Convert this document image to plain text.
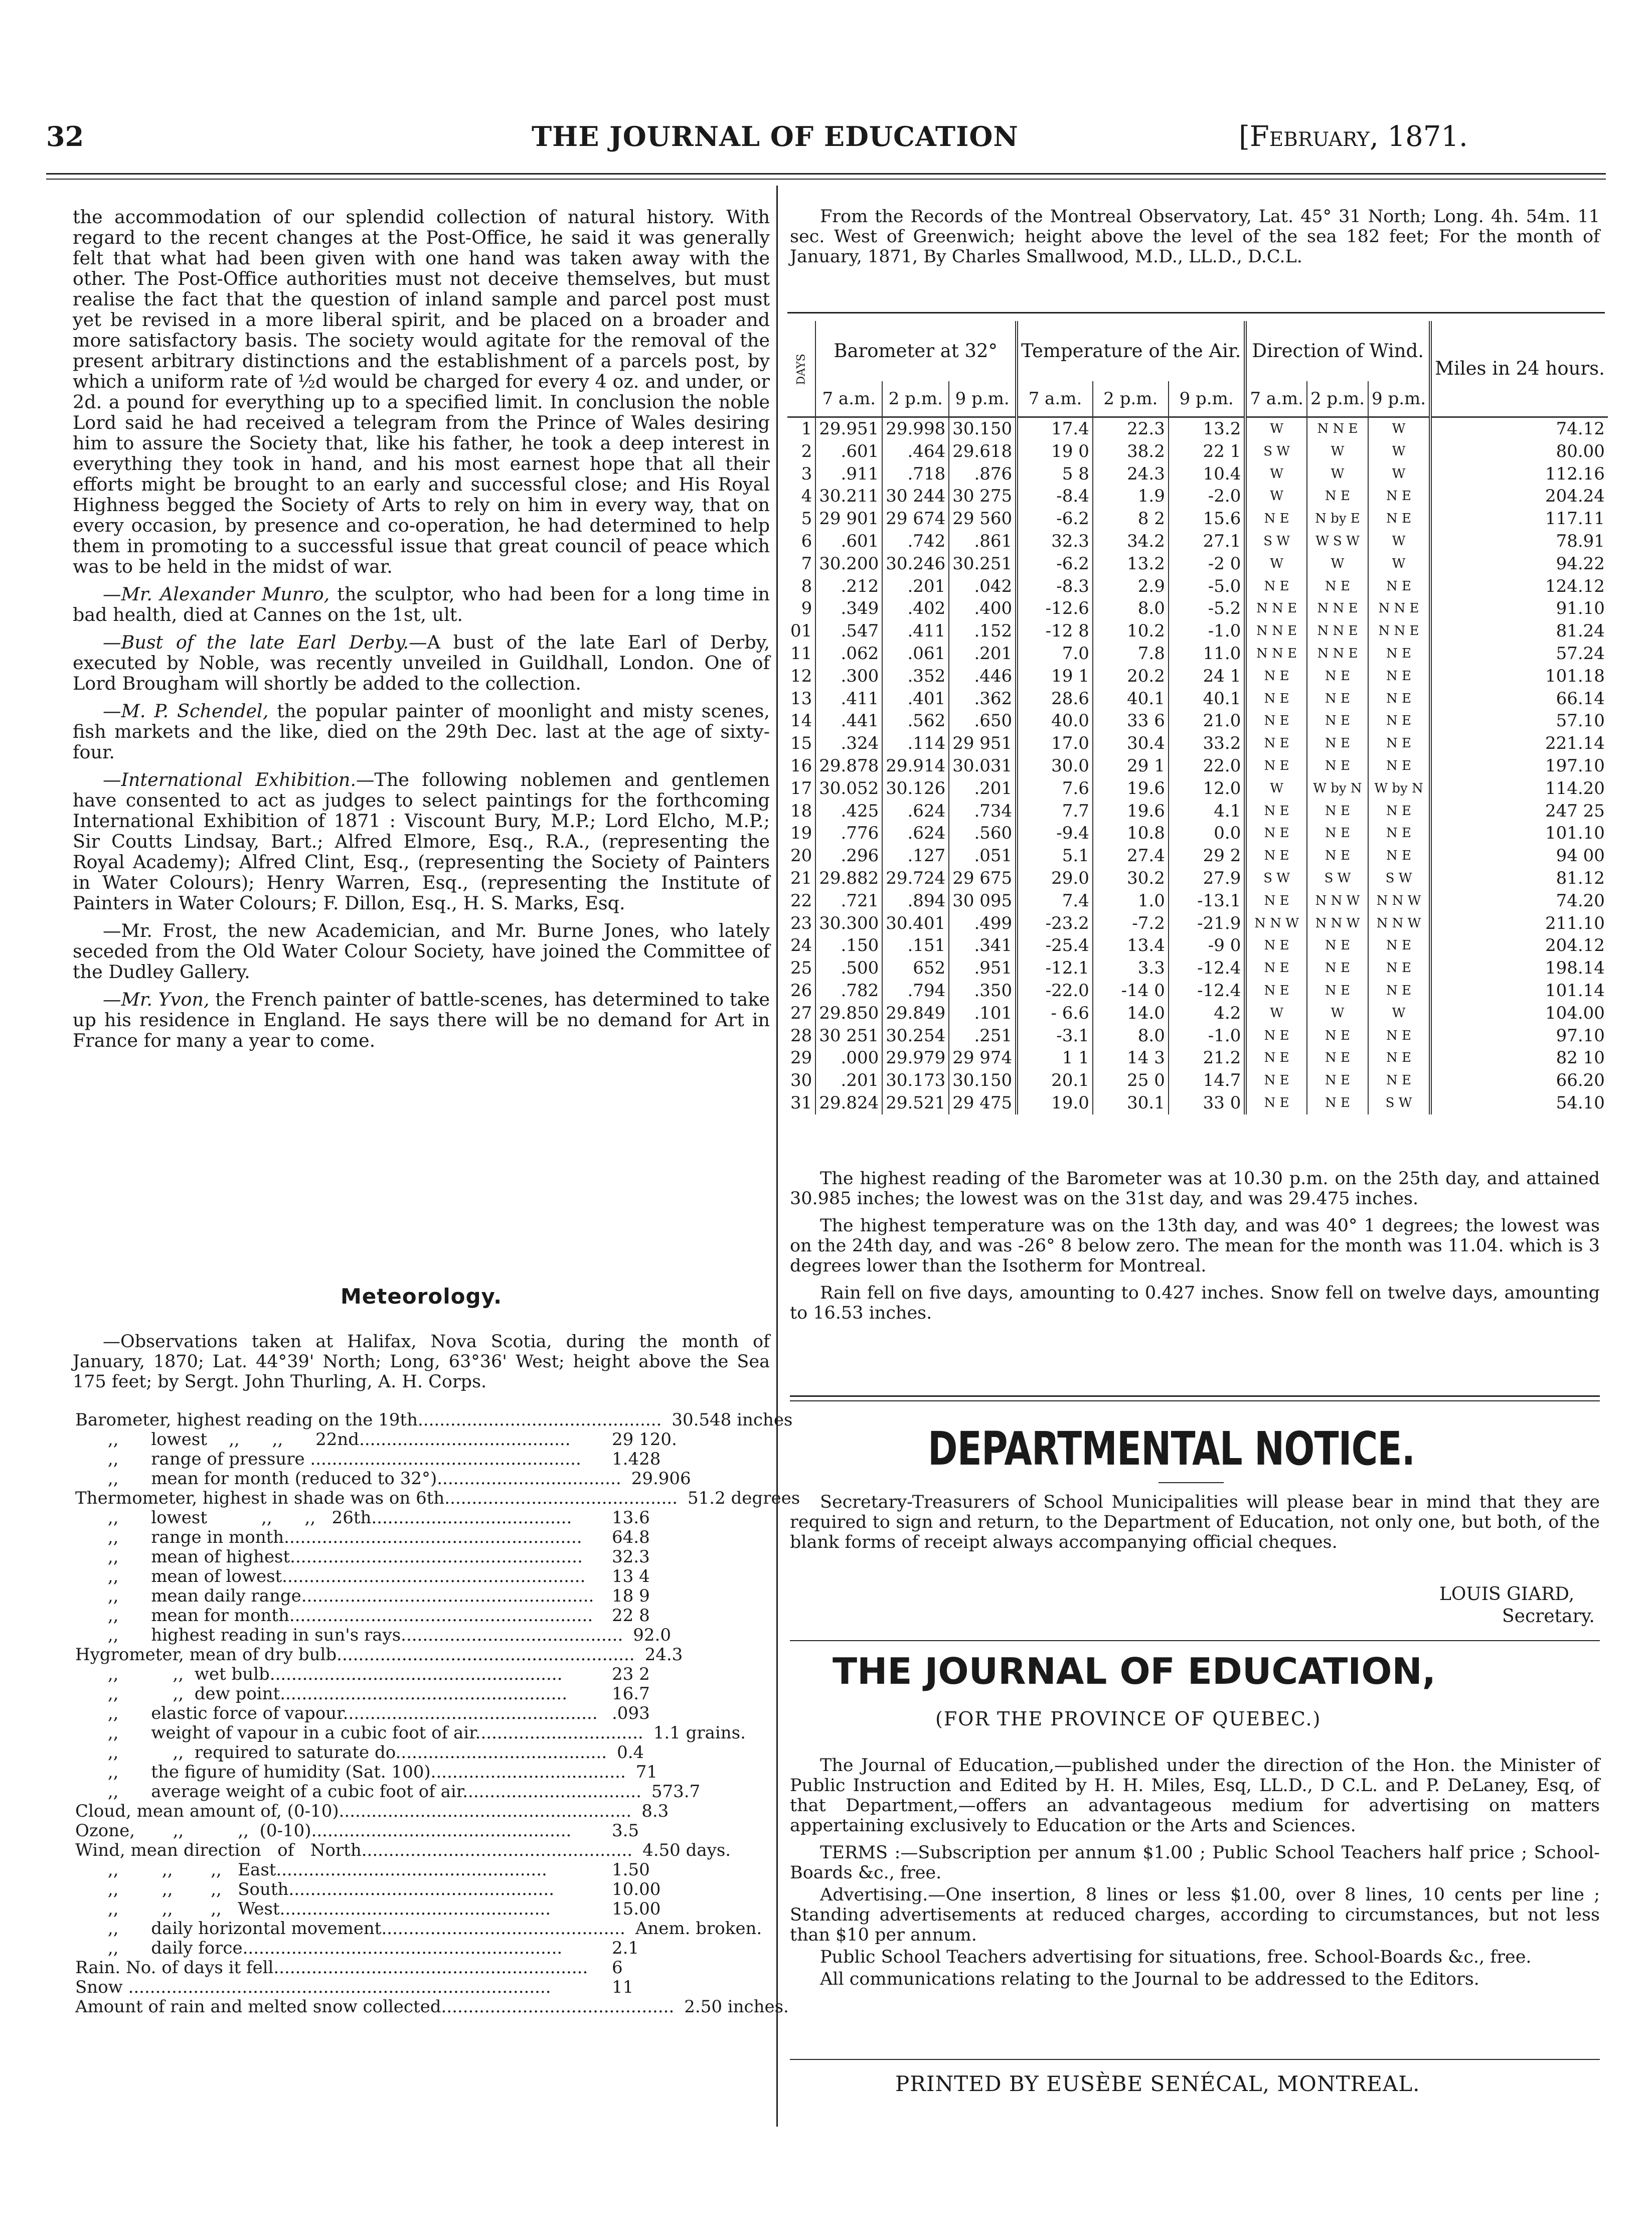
32	THE JOURNAL OF EDUCATION	[February, 1871.

the accommodation of our splendid collection of natural history. With regard to the recent changes at the Post-Office, he said it was generally felt that what had been given with one hand was taken away with the other. The Post-Office authorities must not deceive themselves, but must realise the fact that the question of inland sample and parcel post must yet be revised in a more liberal spirit, and be placed on a broader and more satisfactory basis. The society would agitate for the removal of the present arbitrary distinctions and the establishment of a parcels post, by which a uniform rate of ½d would be charged for every 4 oz. and under, or 2d. a pound for everything up to a specified limit. In conclusion the noble Lord said he had received a telegram from the Prince of Wales desiring him to assure the Society that, like his father, he took a deep interest in everything they took in hand, and his most earnest hope that all their efforts might be brought to an early and successful close; and His Royal Highness begged the Society of Arts to rely on him in every way, that on every occasion, by presence and co-operation, he had determined to help them in promoting to a successful issue that great council of peace which was to be held in the midst of war.

—Mr. Alexander Munro, the sculptor, who had been for a long time in bad health, died at Cannes on the 1st, ult.

—Bust of the late Earl Derby.—A bust of the late Earl of Derby, executed by Noble, was recently unveiled in Guildhall, London. One of Lord Brougham will shortly be added to the collection.

—M. P. Schendel, the popular painter of moonlight and misty scenes, fish markets and the like, died on the 29th Dec. last at the age of sixty-four.

—International Exhibition.—The following noblemen and gentlemen have consented to act as judges to select paintings for the forthcoming International Exhibition of 1871 : Viscount Bury, M.P.; Lord Elcho, M.P.; Sir Coutts Lindsay, Bart.; Alfred Elmore, Esq., R.A., (representing the Royal Academy); Alfred Clint, Esq., (representing the Society of Painters in Water Colours); Henry Warren, Esq., (representing the Institute of Painters in Water Colours; F. Dillon, Esq., H. S. Marks, Esq.

—Mr. Frost, the new Academician, and Mr. Burne Jones, who lately seceded from the Old Water Colour Society, have joined the Committee of the Dudley Gallery.

—Mr. Yvon, the French painter of battle-scenes, has determined to take up his residence in England. He says there will be no demand for Art in France for many a year to come.

Meteorology.

—Observations taken at Halifax, Nova Scotia, during the month of January, 1870; Lat. 44°39' North; Long, 63°36' West; height above the Sea 175 feet; by Sergt. John Thurling, A. H. Corps.

Barometer, highest reading on the 19th............................................. 30.548 inches
,,      lowest    ,,      ,,      22nd.......................................	29 120.
,,      range of pressure ..................................................	1.428
,,      mean for month (reduced to 32°).................................. 29.906
Thermometer, highest in shade was on 6th........................................... 51.2 degrees
,,      lowest          ,,      ,,   26th.....................................	13.6
,,      range in month.......................................................	64.8
,,      mean of highest......................................................	32.3
,,      mean of lowest........................................................	13 4
,,      mean daily range......................................................	18 9
,,      mean for month........................................................	22 8
,,      highest reading in sun's rays......................................... 92.0
Hygrometer, mean of dry bulb....................................................... 24.3
,,          ,,  wet bulb......................................................	23 2
,,          ,,  dew point.....................................................	16.7
,,      elastic force of vapour............................................... .093
,,      weight of vapour in a cubic foot of air............................... 1.1 grains.
,,          ,,  required to saturate do....................................... 0.4
,,      the figure of humidity (Sat. 100).................................... 71
,,      average weight of a cubic foot of air................................. 573.7
Cloud, mean amount of, (0-10)...................................................... 8.3
Ozone,       ,,          ,,  (0-10)................................................	3.5
Wind, mean direction   of   North.................................................. 4.50 days.
,,        ,,       ,,   East..................................................	1.50
,,        ,,       ,,   South.................................................	10.00
,,        ,,       ,,   West..................................................	15.00
,,      daily horizontal movement............................................. Anem. broken.
,,      daily force...........................................................	2.1
Rain. No. of days it fell..........................................................	6
Snow ..............................................................................	11
Amount of rain and melted snow collected........................................... 2.50 inches.

From the Records of the Montreal Observatory, Lat. 45° 31 North; Long. 4h. 54m. 11 sec. West of Greenwich; height above the level of the sea 182 feet; For the month of January, 1871, By Charles Smallwood, M.D., LL.D., D.C.L.

DAYS	Barometer at 32°			Temperature of the Air.			Direction of Wind.			Miles in 24 hours.
	7 a.m.	2 p.m.	9 p.m.	7 a.m.	2 p.m.	9 p.m.	7 a.m.	2 p.m.	9 p.m.	
1	29.951	29.998	30.150	17.4	22.3	13.2	W	N N E	W	74.12
2	.601	.464	29.618	19 0	38.2	22 1	S W	W	W	80.00
3	.911	.718	.876	5 8	24.3	10.4	W	W	W	112.16
4	30.211	30 244	30 275	-8.4	1.9	-2.0	W	N E	N E	204.24
5	29 901	29 674	29 560	-6.2	8 2	15.6	N E	N by E	N E	117.11
6	.601	.742	.861	32.3	34.2	27.1	S W	W S W	W	78.91
7	30.200	30.246	30.251	-6.2	13.2	-2 0	W	W	W	94.22
8	.212	.201	.042	-8.3	2.9	-5.0	N E	N E	N E	124.12
9	.349	.402	.400	-12.6	8.0	-5.2	N N E	N N E	N N E	91.10
01	.547	.411	.152	-12 8	10.2	-1.0	N N E	N N E	N N E	81.24
11	.062	.061	.201	7.0	7.8	11.0	N N E	N N E	N E	57.24
12	.300	.352	.446	19 1	20.2	24 1	N E	N E	N E	101.18
13	.411	.401	.362	28.6	40.1	40.1	N E	N E	N E	66.14
14	.441	.562	.650	40.0	33 6	21.0	N E	N E	N E	57.10
15	.324	.114	29 951	17.0	30.4	33.2	N E	N E	N E	221.14
16	29.878	29.914	30.031	30.0	29 1	22.0	N E	N E	N E	197.10
17	30.052	30.126	.201	7.6	19.6	12.0	W	W by N	W by N	114.20
18	.425	.624	.734	7.7	19.6	4.1	N E	N E	N E	247 25
19	.776	.624	.560	-9.4	10.8	0.0	N E	N E	N E	101.10
20	.296	.127	.051	5.1	27.4	29 2	N E	N E	N E	94 00
21	29.882	29.724	29 675	29.0	30.2	27.9	S W	S W	S W	81.12
22	.721	.894	30 095	7.4	1.0	-13.1	N E	N N W	N N W	74.20
23	30.300	30.401	.499	-23.2	-7.2	-21.9	N N W	N N W	N N W	211.10
24	.150	.151	.341	-25.4	13.4	-9 0	N E	N E	N E	204.12
25	.500	652	.951	-12.1	3.3	-12.4	N E	N E	N E	198.14
26	.782	.794	.350	-22.0	-14 0	-12.4	N E	N E	N E	101.14
27	29.850	29.849	.101	- 6.6	14.0	4.2	W	W	W	104.00
28	30 251	30.254	.251	-3.1	8.0	-1.0	N E	N E	N E	97.10
29	.000	29.979	29 974	1 1	14 3	21.2	N E	N E	N E	82 10
30	.201	30.173	30.150	20.1	25 0	14.7	N E	N E	N E	66.20
31	29.824	29.521	29 475	19.0	30.1	33 0	N E	N E	S W	54.10

The highest reading of the Barometer was at 10.30 p.m. on the 25th day, and attained 30.985 inches; the lowest was on the 31st day, and was 29.475 inches.

The highest temperature was on the 13th day, and was 40° 1 degrees; the lowest was on the 24th day, and was -26° 8 below zero. The mean for the month was 11.04. which is 3 degrees lower than the Isotherm for Montreal.

Rain fell on five days, amounting to 0.427 inches. Snow fell on twelve days, amounting to 16.53 inches.

DEPARTMENTAL NOTICE.

Secretary-Treasurers of School Municipalities will please bear in mind that they are required to sign and return, to the Department of Education, not only one, but both, of the blank forms of receipt always accompanying official cheques.

LOUIS GIARD,
Secretary.
THE JOURNAL OF EDUCATION,
(FOR THE PROVINCE OF QUEBEC.)

The Journal of Education,—published under the direction of the Hon. the Minister of Public Instruction and Edited by H. H. Miles, Esq, LL.D., D C.L. and P. DeLaney, Esq, of that Department,—offers an advantageous medium for advertising on matters appertaining exclusively to Education or the Arts and Sciences.

TERMS :—Subscription per annum $1.00 ; Public School Teachers half price ; School-Boards &c., free.

Advertising.—One insertion, 8 lines or less $1.00, over 8 lines, 10 cents per line ; Standing advertisements at reduced charges, according to circumstances, but not less than $10 per annum.

Public School Teachers advertising for situations, free. School-Boards &c., free.

All communications relating to the Journal to be addressed to the Editors.

PRINTED BY EUSÈBE SENÉCAL, MONTREAL.
